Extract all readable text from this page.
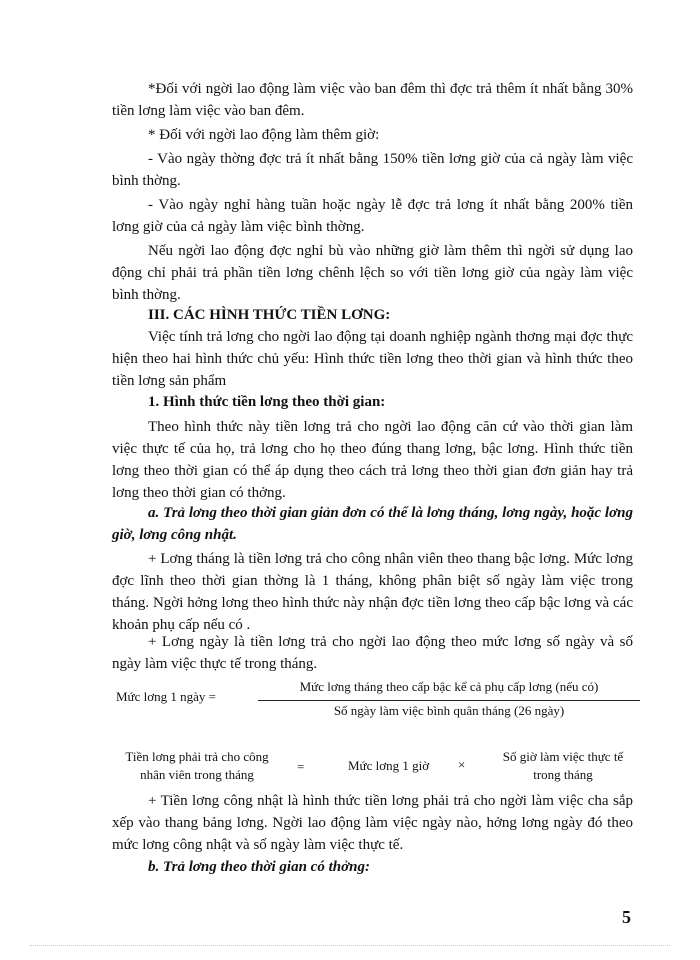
*Đối với ngời lao động làm việc vào ban đêm thì đợc trả thêm ít nhất bằng 30% tiền lơng làm việc vào ban đêm.

* Đối với ngời lao động làm thêm giờ:

- Vào ngày thờng đợc trả ít nhất bằng 150% tiền lơng giờ của cả ngày làm việc bình thờng.

- Vào ngày nghỉ hàng tuần hoặc ngày lễ đợc trả lơng ít nhất bằng 200% tiền lơng giờ của cả ngày làm việc bình thờng.

Nếu ngời lao động đợc nghỉ bù vào những giờ làm thêm thì ngời sử dụng lao động chỉ phải trả phần tiền lơng chênh lệch so với tiền lơng giờ của ngày làm việc bình thờng.

III. CÁC HÌNH THỨC TIỀN LƠNG:

Việc tính trả lơng cho ngời lao động tại doanh nghiệp ngành thơng mại đợc thực hiện theo hai hình thức chủ yếu: Hình thức tiền lơng theo thời gian và hình thức theo tiền lơng sản phẩm

1. Hình thức tiền lơng theo thời gian:

Theo hình thức này tiền lơng trả cho ngời lao động căn cứ vào thời gian làm việc thực tế của họ, trả lơng cho họ theo đúng thang lơng, bậc lơng. Hình thức tiền lơng theo thời gian có thể áp dụng theo cách trả lơng theo thời gian đơn giản hay trả lơng theo thời gian có thởng.

a. Trả lơng theo thời gian giản đơn có thể là lơng tháng, lơng ngày, hoặc lơng giờ, lơng công nhật.

+ Lơng tháng là tiền lơng trả cho công nhân viên theo thang bậc lơng. Mức lơng đợc lĩnh theo thời gian thờng là 1 tháng, không phân biệt số ngày làm việc trong tháng. Ngời hởng lơng theo hình thức này nhận đợc tiền lơng theo cấp bậc lơng và các khoản phụ cấp nếu có .

+ Lơng ngày là tiền lơng trả cho ngời lao động theo mức lơng số ngày và số ngày làm việc thực tế trong tháng.

Mức lơng 1 ngày =
Mức lơng tháng theo cấp bậc kể cả phụ cấp lơng (nếu có)
Số ngày làm việc bình quân tháng (26 ngày)
Tiền lơng phải trả cho công
nhân viên trong tháng
=	Mức lơng 1 giờ ×
Số giờ làm việc thực tế
trong tháng

+ Tiền lơng công nhật là hình thức tiền lơng phải trả cho ngời làm việc cha sắp xếp vào thang bảng lơng. Ngời lao động làm việc ngày nào, hởng lơng ngày đó theo mức lơng công nhật và số ngày làm việc thực tế.

b. Trả lơng theo thời gian có thởng:

5
